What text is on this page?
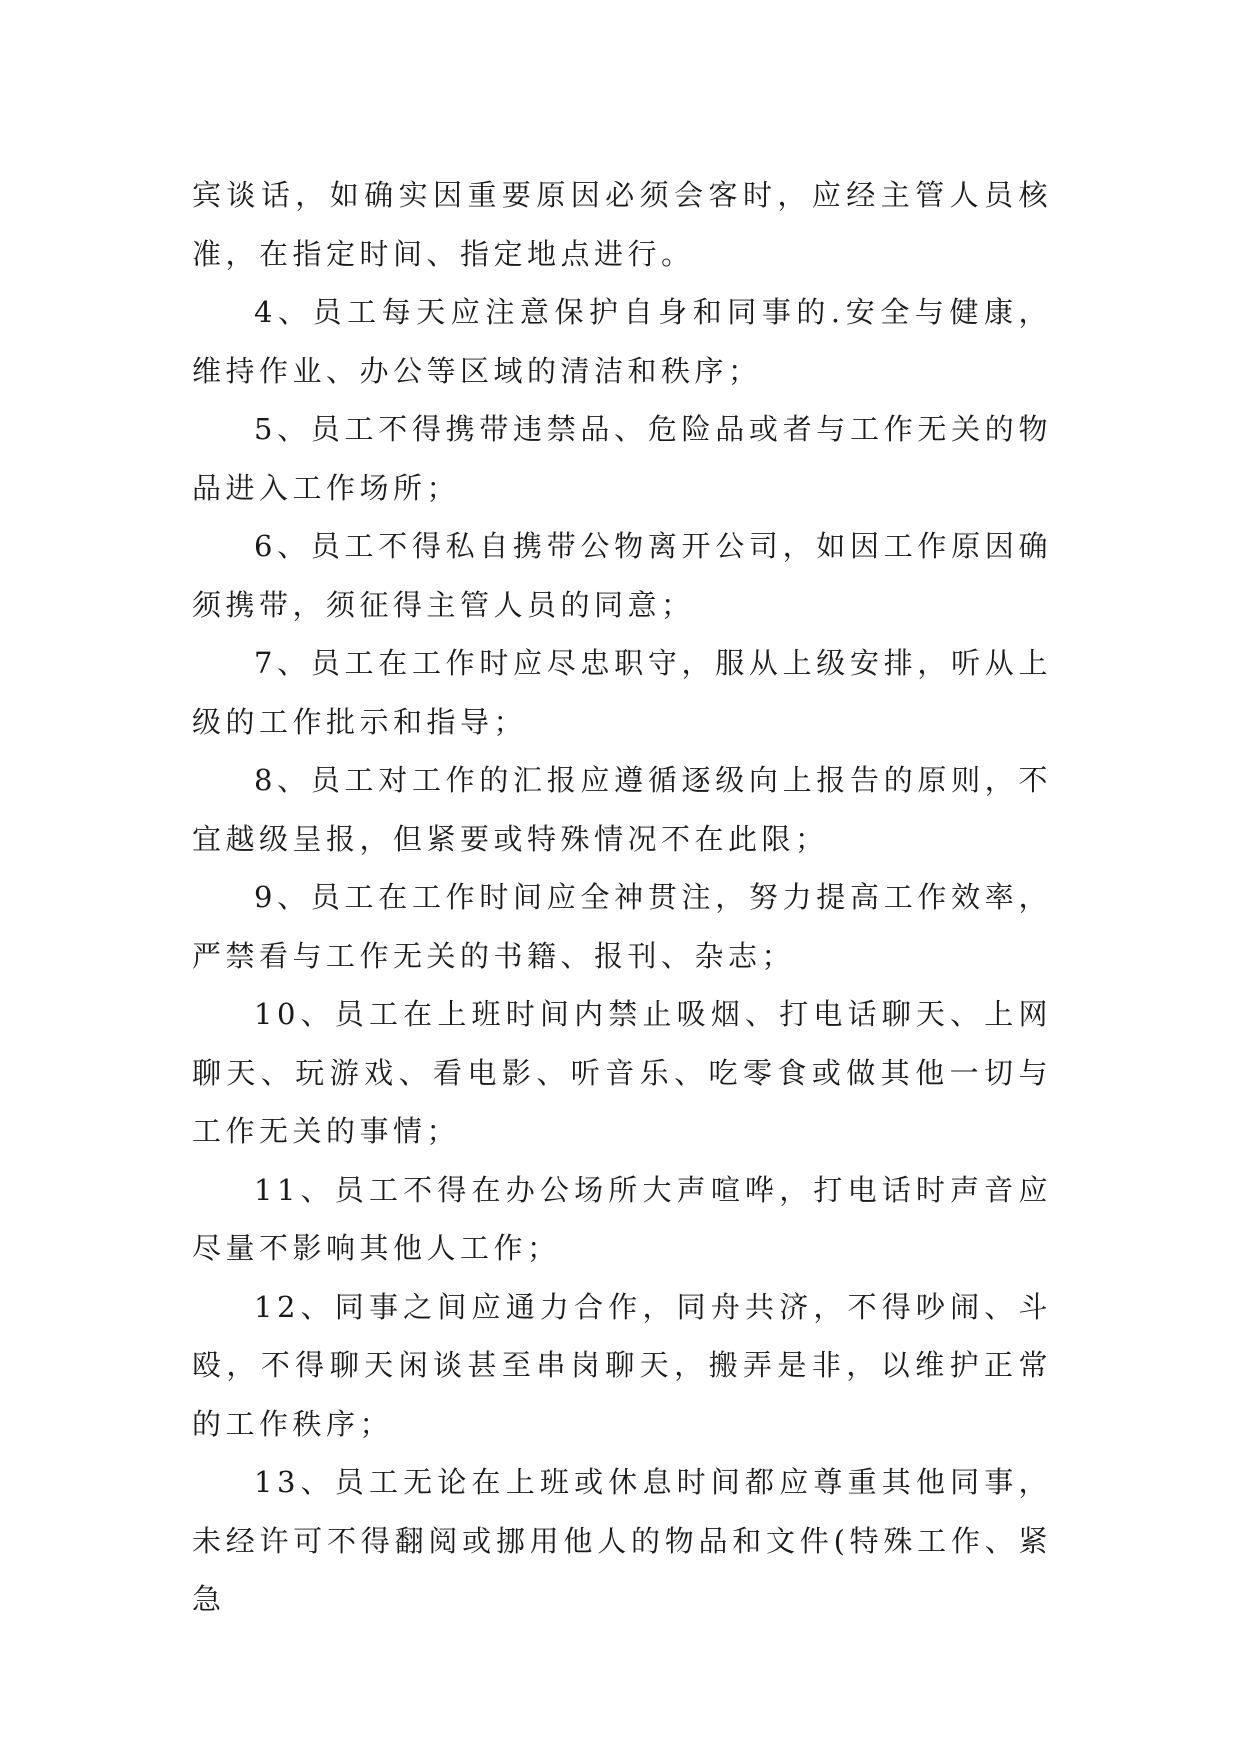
宾谈话，如确实因重要原因必须会客时，应经主管人员核准，在指定时间、指定地点进行。

4、员工每天应注意保护自身和同事的.安全与健康，维持作业、办公等区域的清洁和秩序；

5、员工不得携带违禁品、危险品或者与工作无关的物品进入工作场所；

6、员工不得私自携带公物离开公司，如因工作原因确须携带，须征得主管人员的同意；

7、员工在工作时应尽忠职守，服从上级安排，听从上级的工作批示和指导；

8、员工对工作的汇报应遵循逐级向上报告的原则，不宜越级呈报，但紧要或特殊情况不在此限；

9、员工在工作时间应全神贯注，努力提高工作效率，严禁看与工作无关的书籍、报刊、杂志；

10、员工在上班时间内禁止吸烟、打电话聊天、上网聊天、玩游戏、看电影、听音乐、吃零食或做其他一切与工作无关的事情；

11、员工不得在办公场所大声喧哗，打电话时声音应尽量不影响其他人工作；

12、同事之间应通力合作，同舟共济，不得吵闹、斗殴，不得聊天闲谈甚至串岗聊天，搬弄是非，以维护正常的工作秩序；

13、员工无论在上班或休息时间都应尊重其他同事，未经许可不得翻阅或挪用他人的物品和文件(特殊工作、紧急
